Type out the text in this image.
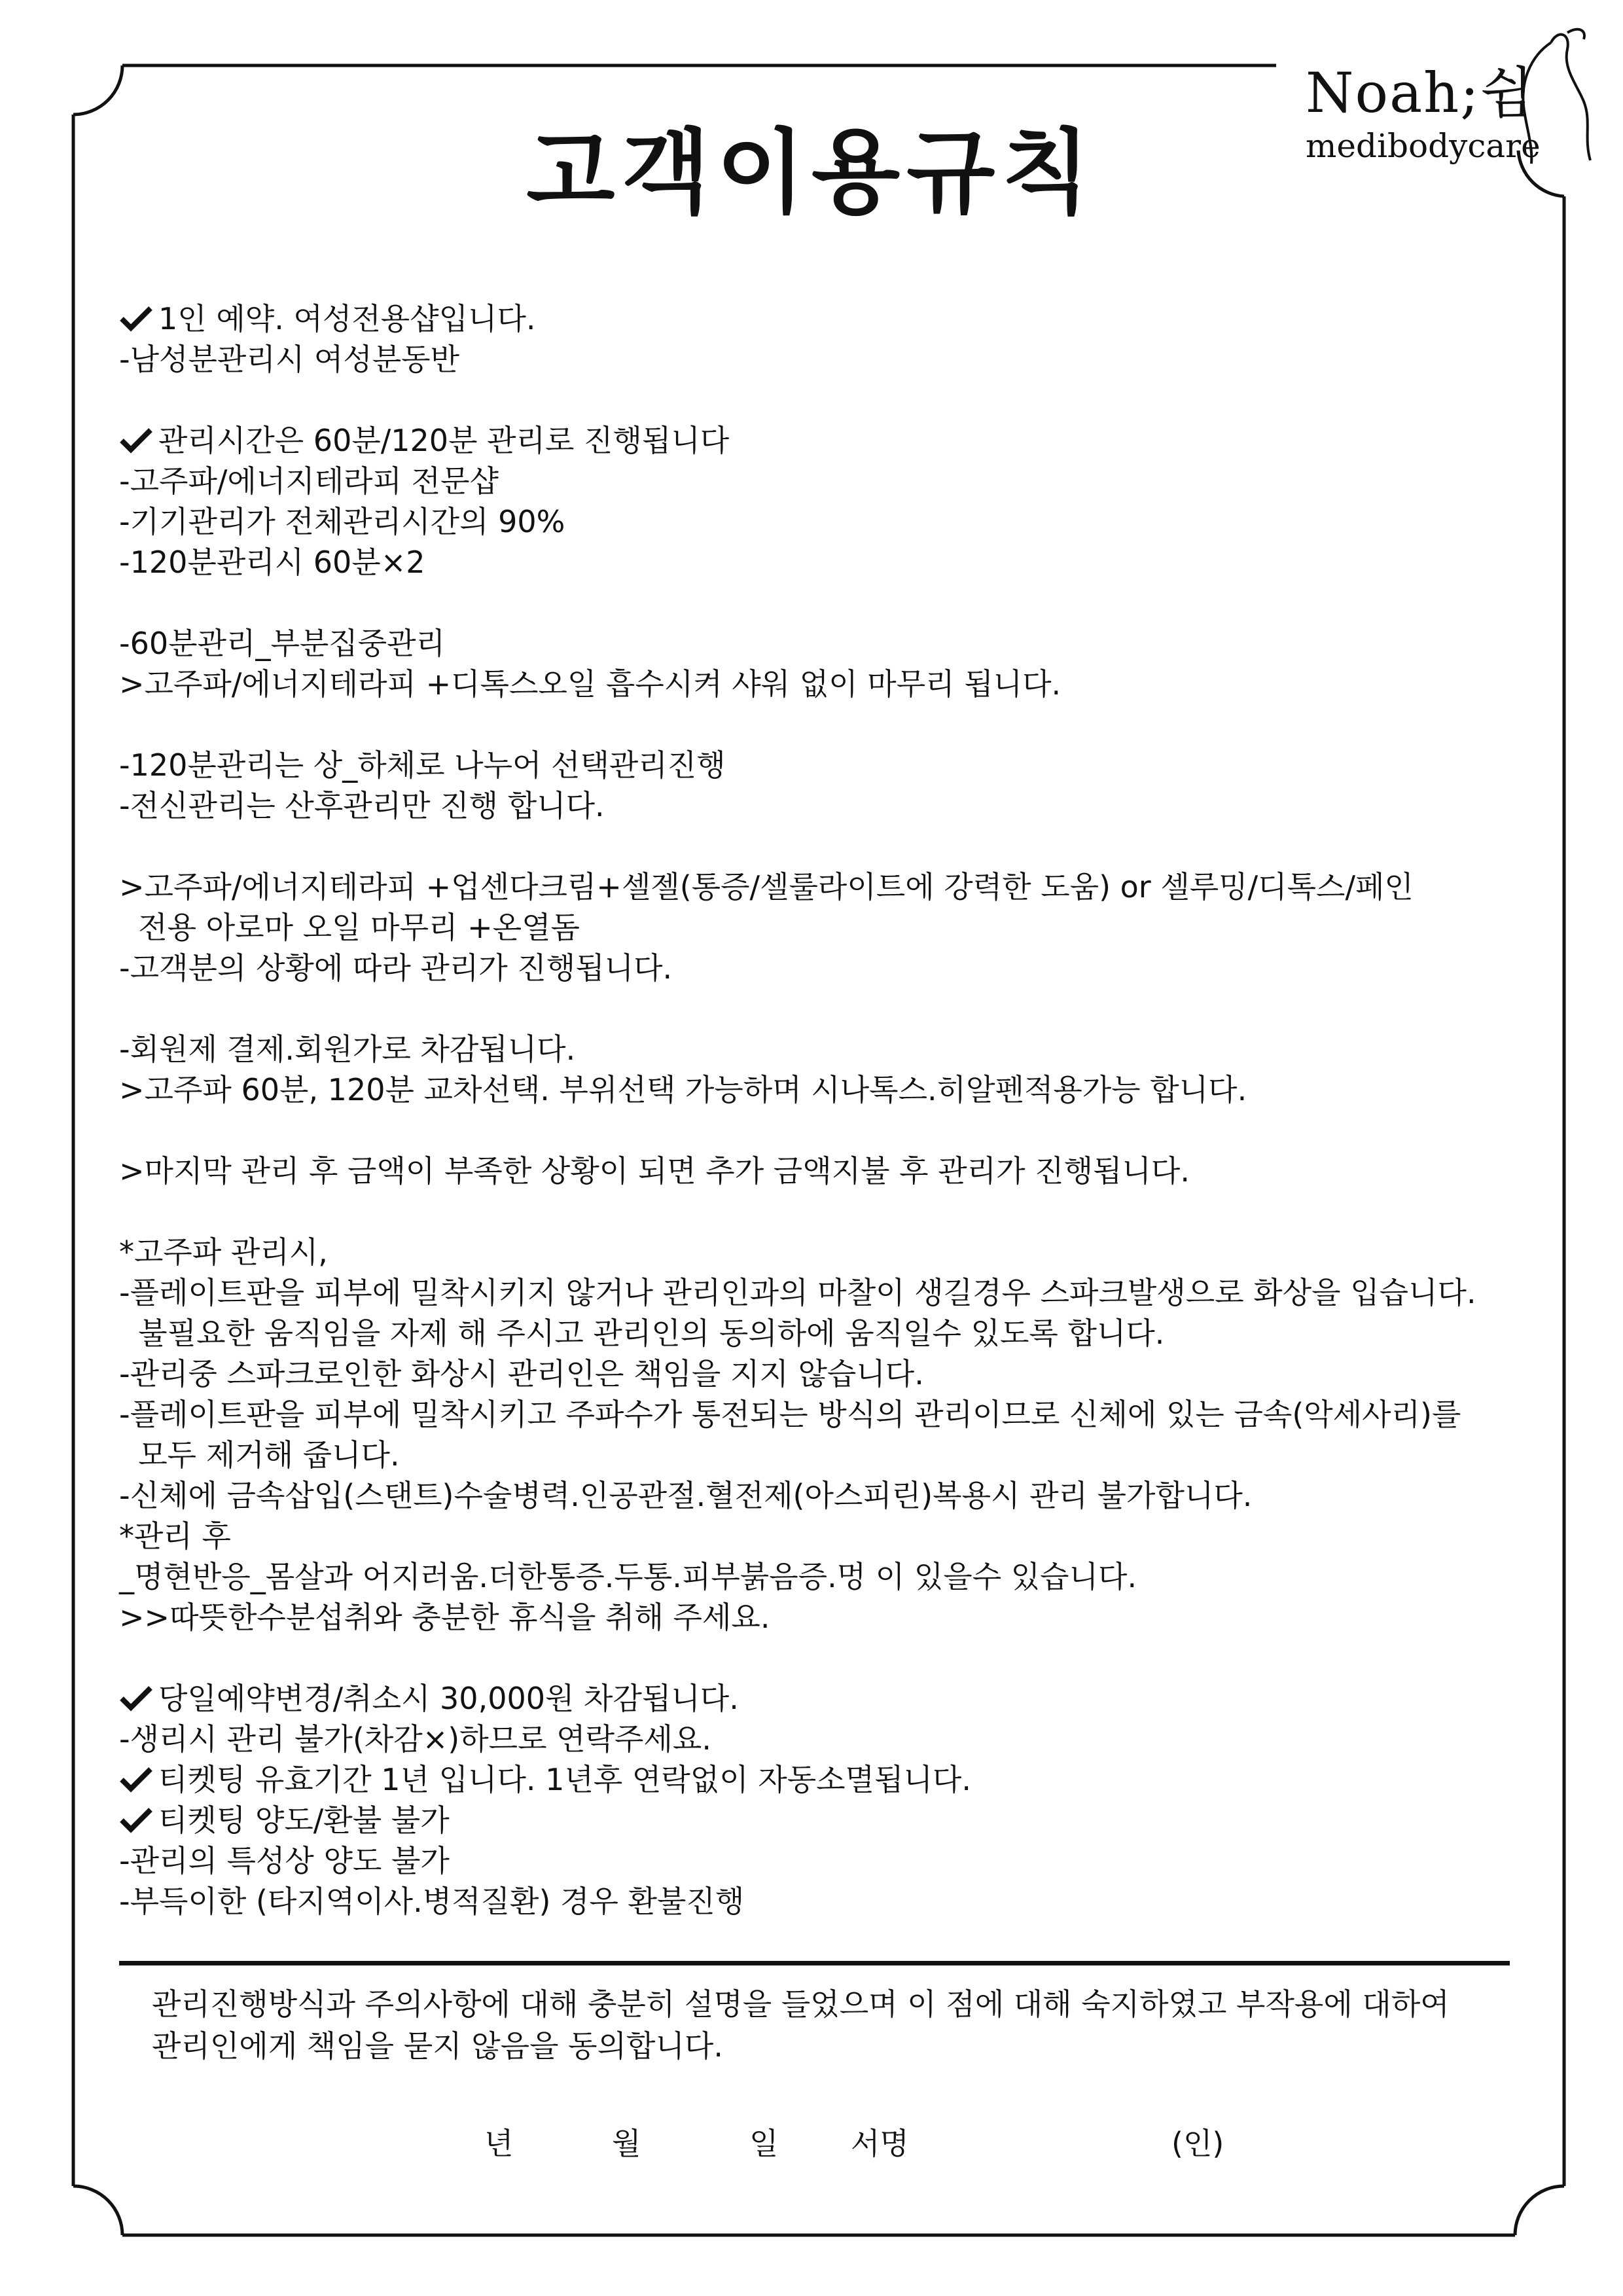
Noah;쉼
medibodycare
고객이용규칙
1인 예약. 여성전용샵입니다.
-남성분관리시 여성분동반
관리시간은 60분/120분 관리로 진행됩니다
-고주파/에너지테라피 전문샵
-기기관리가 전체관리시간의 90%
-120분관리시 60분×2
-60분관리_부분집중관리
>고주파/에너지테라피 +디톡스오일 흡수시켜 샤워 없이 마무리 됩니다.
-120분관리는 상_하체로 나누어 선택관리진행
-전신관리는 산후관리만 진행 합니다.
>고주파/에너지테라피 +업센다크림+셀젤(통증/셀룰라이트에 강력한 도움) or 셀루밍/디톡스/페인
전용 아로마 오일 마무리 +온열돔
-고객분의 상황에 따라 관리가 진행됩니다.
-회원제 결제.회원가로 차감됩니다.
>고주파 60분, 120분 교차선택. 부위선택 가능하며 시나톡스.히알펜적용가능 합니다.
>마지막 관리 후 금액이 부족한 상황이 되면 추가 금액지불 후 관리가 진행됩니다.
*고주파 관리시,
-플레이트판을 피부에 밀착시키지 않거나 관리인과의 마찰이 생길경우 스파크발생으로 화상을 입습니다.
불필요한 움직임을 자제 해 주시고 관리인의 동의하에 움직일수 있도록 합니다.
-관리중 스파크로인한 화상시 관리인은 책임을 지지 않습니다.
-플레이트판을 피부에 밀착시키고 주파수가 통전되는 방식의 관리이므로 신체에 있는 금속(악세사리)를
모두 제거해 줍니다.
-신체에 금속삽입(스탠트)수술병력.인공관절.혈전제(아스피린)복용시 관리 불가합니다.
*관리 후
_명현반응_몸살과 어지러움.더한통증.두통.피부붉음증.멍 이 있을수 있습니다.
>>따뜻한수분섭취와 충분한 휴식을 취해 주세요.
당일예약변경/취소시 30,000원 차감됩니다.
-생리시 관리 불가(차감×)하므로 연락주세요.
티켓팅 유효기간 1년 입니다. 1년후 연락없이 자동소멸됩니다.
티켓팅 양도/환불 불가
-관리의 특성상 양도 불가
-부득이한 (타지역이사.병적질환) 경우 환불진행
관리진행방식과 주의사항에 대해 충분히 설명을 들었으며 이 점에 대해 숙지하였고 부작용에 대하여
관리인에게 책임을 묻지 않음을 동의합니다.
년	월	일 서명	(인)
